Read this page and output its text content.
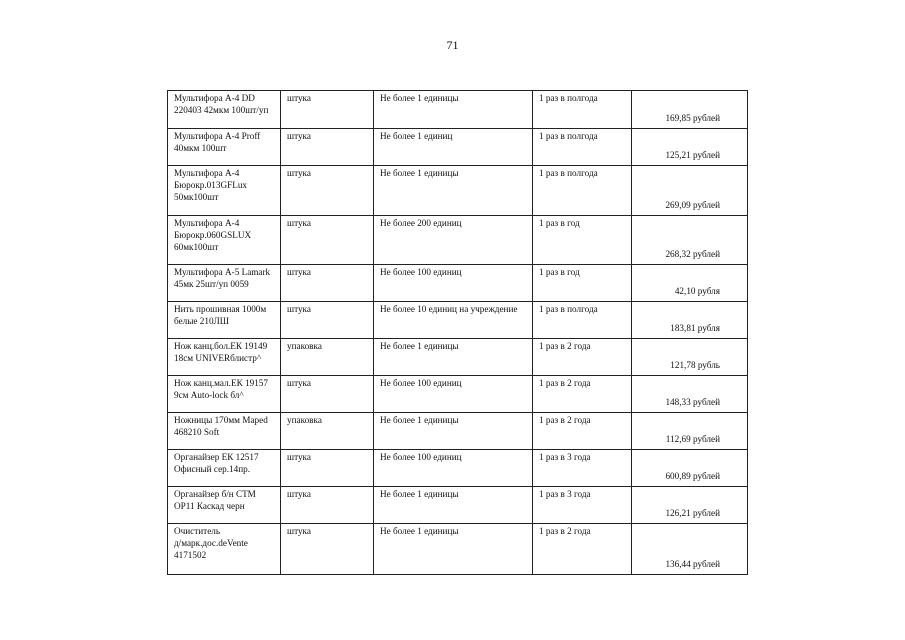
71
Мультифора А-4 DD
220403 42мкм 100шт/уп	штука	Не более 1 единицы	1 раз в полгода	169,85 рублей
Мультифора А-4 Proff
40мкм 100шт	штука	Не более 1 единиц	1 раз в полгода	125,21 рублей
Мультифора А-4
Бюрокр.013GFLux
50мк100шт	штука	Не более 1 единицы	1 раз в полгода	269,09 рублей
Мультифора А-4
Бюрокр.060GSLUX
60мк100шт	штука	Не более 200 единиц	1 раз в год	268,32 рублей
Мультифора А-5 Lamark
45мк 25шт/уп 0059	штука	Не более 100 единиц	1 раз в год	42,10 рубля
Нить прошивная 1000м
белые 210ЛШ	штука	Не более 10 единиц на учреждение	1 раз в полгода	183,81 рубля
Нож канц.бол.ЕК 19149
18см UNIVERблистр^	упаковка	Не более 1 единицы	1 раз в 2 года	121,78 рубль
Нож канц.мал.ЕК 19157
9см Auto-lock бл^	штука	Не более 100 единиц	1 раз в 2 года	148,33 рублей
Ножницы 170мм Maped
468210 Soft	упаковка	Не более 1 единицы	1 раз в 2 года	112,69 рублей
Органайзер ЕК 12517
Офисный сер.14пр.	штука	Не более 100 единиц	1 раз в 3 года	600,89 рублей
Органайзер б/н СТМ
ОР11 Каскад черн	штука	Не более 1 единицы	1 раз в 3 года	126,21 рублей
Очиститель
д/марк.дос.deVente
4171502	штука	Не более 1 единицы	1 раз в 2 года	136,44 рублей
